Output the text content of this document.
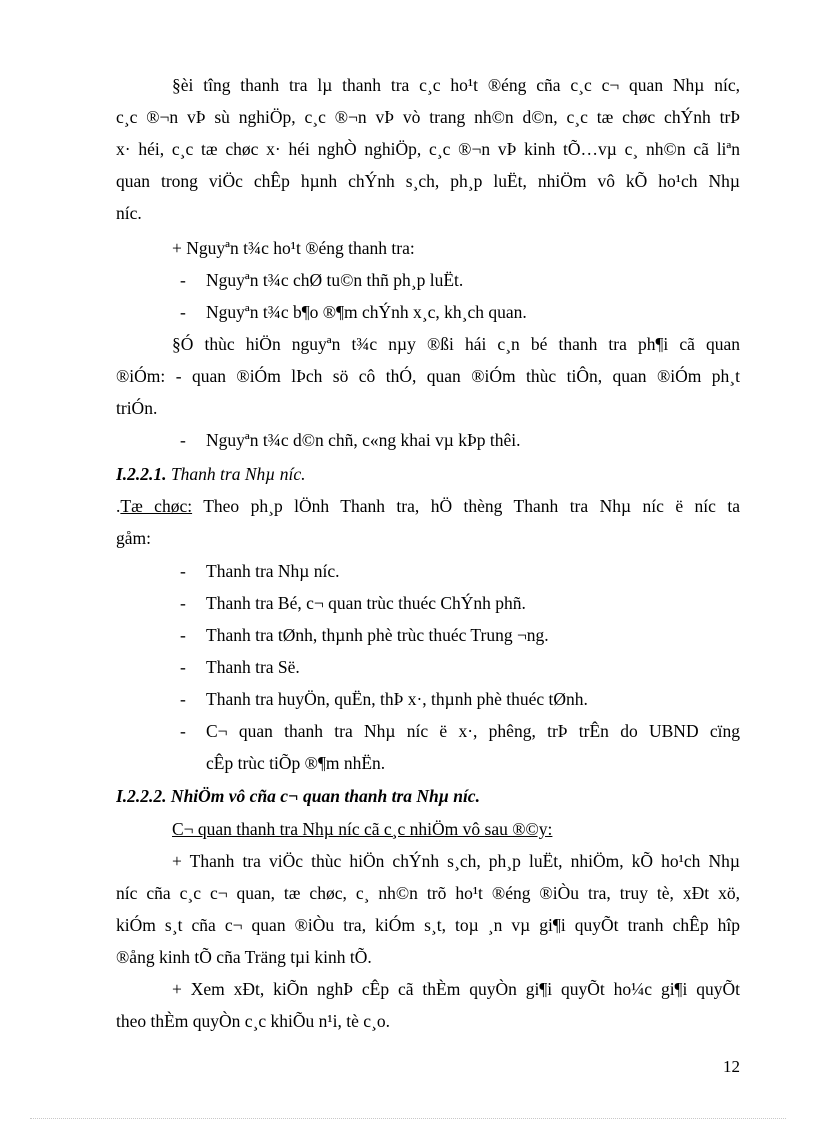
§èi tîng thanh tra lµ thanh tra c¸c ho¹t ®éng cña c¸c c¬ quan Nhµ níc,
c¸c ®¬n vÞ sù nghiÖp, c¸c ®¬n vÞ vò trang nh©n d©n, c¸c tæ chøc chÝnh trÞ
x· héi, c¸c tæ chøc x· héi nghÒ nghiÖp, c¸c ®¬n vÞ kinh tÕ…vµ c¸ nh©n cã liªn
quan trong viÖc chÊp hµnh chÝnh s¸ch, ph¸p luËt, nhiÖm vô kÕ ho¹ch Nhµ
níc.
+ Nguyªn t¾c ho¹t ®éng thanh tra:
- Nguyªn t¾c chØ tu©n thñ ph¸p luËt.
- Nguyªn t¾c b¶o ®¶m chÝnh x¸c, kh¸ch quan.
§Ó thùc hiÖn nguyªn t¾c nµy ®ßi hái c¸n bé thanh tra ph¶i cã quan
®iÓm: - quan ®iÓm lÞch sö cô thÓ, quan ®iÓm thùc tiÔn, quan ®iÓm ph¸t
triÓn.
- Nguyªn t¾c d©n chñ, c«ng khai vµ kÞp thêi.
I.2.2.1. Thanh tra Nhµ níc.
.Tæ chøc: Theo ph¸p lÖnh Thanh tra, hÖ thèng Thanh tra Nhµ níc ë níc ta
gåm:
- Thanh tra Nhµ níc.
- Thanh tra Bé, c¬ quan trùc thuéc ChÝnh phñ.
- Thanh tra tØnh, thµnh phè trùc thuéc Trung ¬ng.
- Thanh tra Së.
- Thanh tra huyÖn, quËn, thÞ x·, thµnh phè thuéc tØnh.
- C¬ quan thanh tra Nhµ níc ë x·, phêng, trÞ trÊn do UBND cïng
cÊp trùc tiÕp ®¶m nhËn.
I.2.2.2. NhiÖm vô cña c¬ quan thanh tra Nhµ níc.
C¬ quan thanh tra Nhµ níc cã c¸c nhiÖm vô sau ®©y:
+ Thanh tra viÖc thùc hiÖn chÝnh s¸ch, ph¸p luËt, nhiÖm, kÕ ho¹ch Nhµ
níc cña c¸c c¬ quan, tæ chøc, c¸ nh©n trõ ho¹t ®éng ®iÒu tra, truy tè, xÐt xö,
kiÓm s¸t cña c¬ quan ®iÒu tra, kiÓm s¸t, toµ ¸n vµ gi¶i quyÕt tranh chÊp hîp
®ång kinh tÕ cña Träng tµi kinh tÕ.
+ Xem xÐt, kiÕn nghÞ cÊp cã thÈm quyÒn gi¶i quyÕt ho¼c gi¶i quyÕt
theo thÈm quyÒn c¸c khiÕu n¹i, tè c¸o.
12
